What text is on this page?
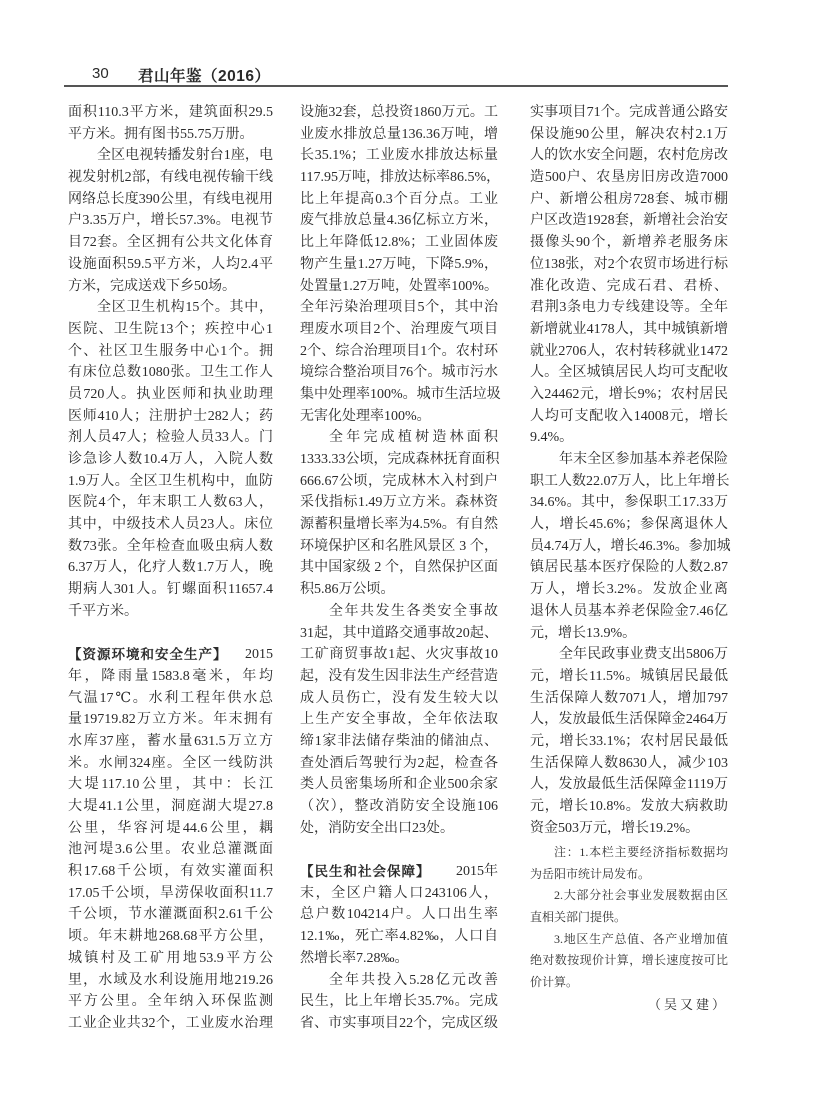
30 君山年鉴（2016）
面积110.3平方米，建筑面积29.5
平方米。拥有图书55.75万册。
全区电视转播发射台1座，电
视发射机2部，有线电视传输干线
网络总长度390公里，有线电视用
户3.35万户，增长57.3%。电视节
目72套。全区拥有公共文化体育
设施面积59.5平方米，人均2.4平
方米，完成送戏下乡50场。
全区卫生机构15个。其中，
医院、卫生院13个；疾控中心1
个、社区卫生服务中心1个。拥
有床位总数1080张。卫生工作人
员720人。执业医师和执业助理
医师410人；注册护士282人；药
剂人员47人；检验人员33人。门
诊急诊人数10.4万人，入院人数
1.9万人。全区卫生机构中，血防
医院4个，年末职工人数63人，
其中，中级技术人员23人。床位
数73张。全年检查血吸虫病人数
6.37万人，化疗人数1.7万人，晚
期病人301人。钉螺面积11657.4
千平方米。
【资源环境和安全生产】 2015
年，降雨量1583.8毫米，年均
气温17℃。水利工程年供水总
量19719.82万立方米。年末拥有
水库37座，蓄水量631.5万立方
米。水闸324座。全区一线防洪
大堤117.10公里，其中：长江
大堤41.1公里，洞庭湖大堤27.8
公里，华容河堤44.6公里，耦
池河堤3.6公里。农业总灌溉面
积17.68千公顷，有效实灌面积
17.05千公顷，旱涝保收面积11.7
千公顷，节水灌溉面积2.61千公
顷。年末耕地268.68平方公里，
城镇村及工矿用地53.9平方公
里，水域及水利设施用地219.26
平方公里。全年纳入环保监测
工业企业共32个，工业废水治理
设施32套，总投资1860万元。工
业废水排放总量136.36万吨，增
长35.1%；工业废水排放达标量
117.95万吨，排放达标率86.5%，
比上年提高0.3个百分点。工业
废气排放总量4.36亿标立方米，
比上年降低12.8%；工业固体废
物产生量1.27万吨，下降5.9%，
处置量1.27万吨，处置率100%。
全年污染治理项目5个，其中治
理废水项目2个、治理废气项目
2个、综合治理项目1个。农村环
境综合整治项目76个。城市污水
集中处理率100%。城市生活垃圾
无害化处理率100%。
全年完成植树造林面积
1333.33公顷，完成森林抚育面积
666.67公顷，完成林木入村到户
采伐指标1.49万立方米。森林资
源蓄积量增长率为4.5%。有自然
环境保护区和名胜风景区 3 个，
其中国家级 2 个，自然保护区面
积5.86万公顷。
全年共发生各类安全事故
31起，其中道路交通事故20起、
工矿商贸事故1起、火灾事故10
起，没有发生因非法生产经营造
成人员伤亡，没有发生较大以
上生产安全事故，全年依法取
缔1家非法储存柴油的储油点、
查处酒后驾驶行为2起，检查各
类人员密集场所和企业500余家
（次），整改消防安全设施106
处，消防安全出口23处。
【民生和社会保障】 2015年
末，全区户籍人口243106人，
总户数104214户。人口出生率
12.1‰，死亡率4.82‰，人口自
然增长率7.28‰。
全年共投入5.28亿元改善
民生，比上年增长35.7%。完成
省、市实事项目22个，完成区级
实事项目71个。完成普通公路安
保设施90公里，解决农村2.1万
人的饮水安全问题，农村危房改
造500户、农垦房旧房改造7000
户、新增公租房728套、城市棚
户区改造1928套，新增社会治安
摄像头90个，新增养老服务床
位138张，对2个农贸市场进行标
准化改造、完成石君、君桥、
君荆3条电力专线建设等。全年
新增就业4178人，其中城镇新增
就业2706人，农村转移就业1472
人。全区城镇居民人均可支配收
入24462元，增长9%；农村居民
人均可支配收入14008元，增长
9.4%。
年末全区参加基本养老保险
职工人数22.07万人，比上年增长
34.6%。其中，参保职工17.33万
人，增长45.6%；参保离退休人
员4.74万人，增长46.3%。参加城
镇居民基本医疗保险的人数2.87
万人，增长3.2%。发放企业离
退休人员基本养老保险金7.46亿
元，增长13.9%。
全年民政事业费支出5806万
元，增长11.5%。城镇居民最低
生活保障人数7071人，增加797
人，发放最低生活保障金2464万
元，增长33.1%；农村居民最低
生活保障人数8630人，减少103
人，发放最低生活保障金1119万
元，增长10.8%。发放大病救助
资金503万元，增长19.2%。
注：1.本栏主要经济指标数据均
为岳阳市统计局发布。
2.大部分社会事业发展数据由区
直相关部门提供。
3.地区生产总值、各产业增加值
绝对数按现价计算，增长速度按可比
价计算。
（吴又建）
